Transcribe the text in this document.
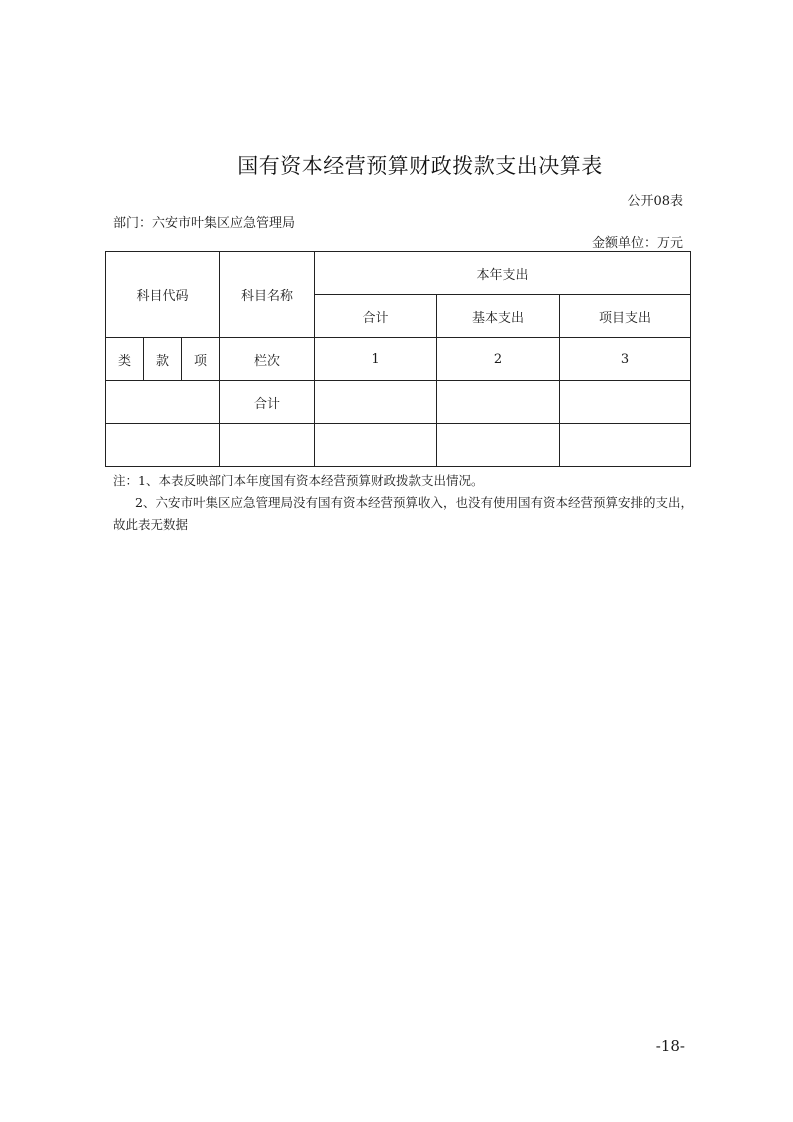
国有资本经营预算财政拨款支出决算表
公开08表
部门：六安市叶集区应急管理局
金额单位：万元
科目代码			科目名称	本年支出		
				合计	基本支出	项目支出
类	款	项	栏次	1	2	3
			合计			

注：1、本表反映部门本年度国有资本经营预算财政拨款支出情况。
2、六安市叶集区应急管理局没有国有资本经营预算收入，也没有使用国有资本经营预算安排的支出，故此表无数据
-18-
